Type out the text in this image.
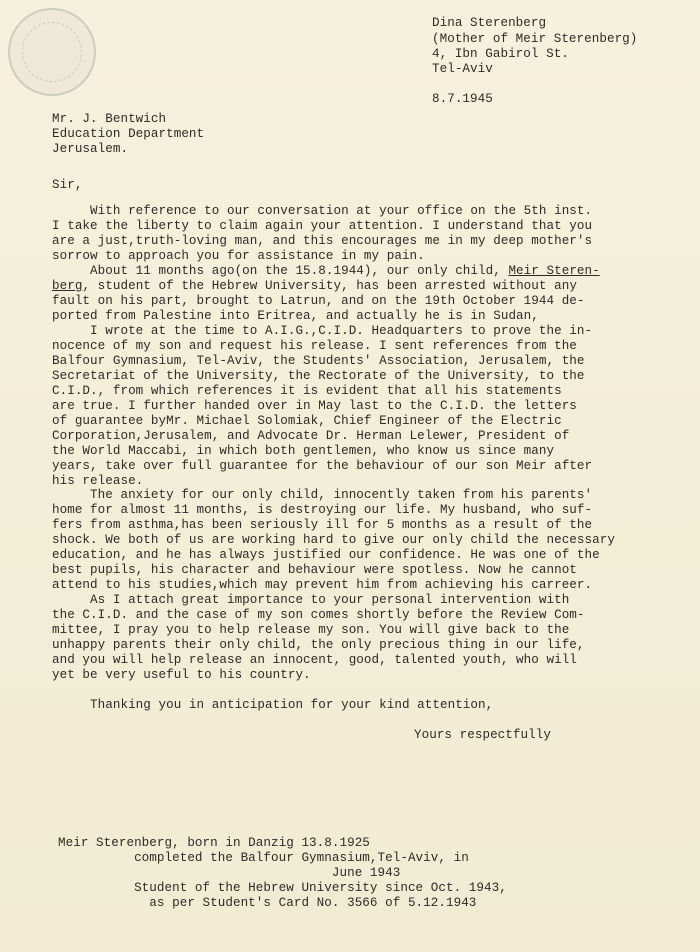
Dina Sterenberg
(Mother of Meir Sterenberg)
4, Ibn Gabirol St.
Tel-Aviv
8.7.1945
Mr. J. Bentwich
Education Department
Jerusalem.
Sir,
With reference to our conversation at your office on the 5th inst.
I take the liberty to claim again your attention. I understand that you
are a just,truth-loving man, and this encourages me in my deep mother's
sorrow to approach you for assistance in my pain.
About 11 months ago(on the 15.8.1944), our only child, Meir Steren-
berg, student of the Hebrew University, has been arrested without any
fault on his part, brought to Latrun, and on the 19th October 1944 de-
ported from Palestine into Eritrea, and actually he is in Sudan,
I wrote at the time to A.I.G.,C.I.D. Headquarters to prove the in-
nocence of my son and request his release. I sent references from the
Balfour Gymnasium, Tel-Aviv, the Students' Association, Jerusalem, the
Secretariat of the University, the Rectorate of the University, to the
C.I.D., from which references it is evident that all his statements
are true. I further handed over in May last to the C.I.D. the letters
of guarantee byMr. Michael Solomiak, Chief Engineer of the Electric
Corporation,Jerusalem, and Advocate Dr. Herman Lelewer, President of
the World Maccabi, in which both gentlemen, who know us since many
years, take over full guarantee for the behaviour of our son Meir after
his release.
The anxiety for our only child, innocently taken from his parents'
home for almost 11 months, is destroying our life. My husband, who suf-
fers from asthma,has been seriously ill for 5 months as a result of the
shock. We both of us are working hard to give our only child the necessary
education, and he has always justified our confidence. He was one of the
best pupils, his character and behaviour were spotless. Now he cannot
attend to his studies,which may prevent him from achieving his carreer.
As I attach great importance to your personal intervention with
the C.I.D. and the case of my son comes shortly before the Review Com-
mittee, I pray you to help release my son. You will give back to the
unhappy parents their only child, the only precious thing in our life,
and you will help release an innocent, good, talented youth, who will
yet be very useful to his country.
Thanking you in anticipation for your kind attention,
Yours respectfully
Meir Sterenberg, born in Danzig 13.8.1925
completed the Balfour Gymnasium,Tel-Aviv, in
June 1943
Student of the Hebrew University since Oct. 1943,
as per Student's Card No. 3566 of 5.12.1943
